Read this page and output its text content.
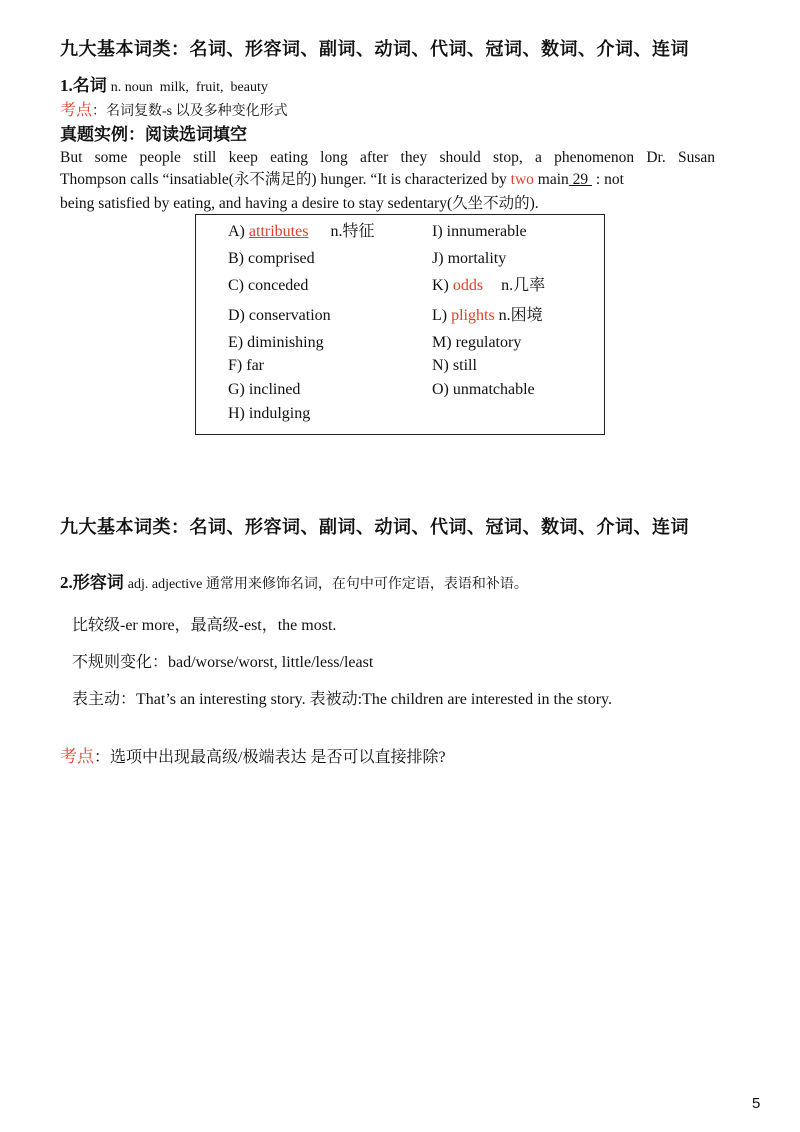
九大基本词类：名词、形容词、副词、动词、代词、冠词、数词、介词、连词
1.名词 n. noun  milk,  fruit,  beauty
考点：名词复数-s 以及多种变化形式
真题实例：阅读选词填空
But some people still keep eating long after they should stop, a phenomenon Dr. Susan
Thompson calls “insatiable(永不满足的) hunger. “It is characterized by two main 29  : not
being satisfied by eating, and having a desire to stay sedentary(久坐不动的).
A) attributes n.特征
B) comprised
C) conceded
D) conservation
E) diminishing
F) far
G) inclined
H) indulging
I) innumerable
J) mortality
K) odds n.几率
L) plights n.困境
M) regulatory
N) still
O) unmatchable
九大基本词类：名词、形容词、副词、动词、代词、冠词、数词、介词、连词
2.形容词 adj. adjective 通常用来修饰名词，在句中可作定语，表语和补语。
比较级-er more，最高级-est，the most.
不规则变化：bad/worse/worst, little/less/least
表主动：That’s an interesting story. 表被动:The children are interested in the story.
考点：选项中出现最高级/极端表达 是否可以直接排除?
5
